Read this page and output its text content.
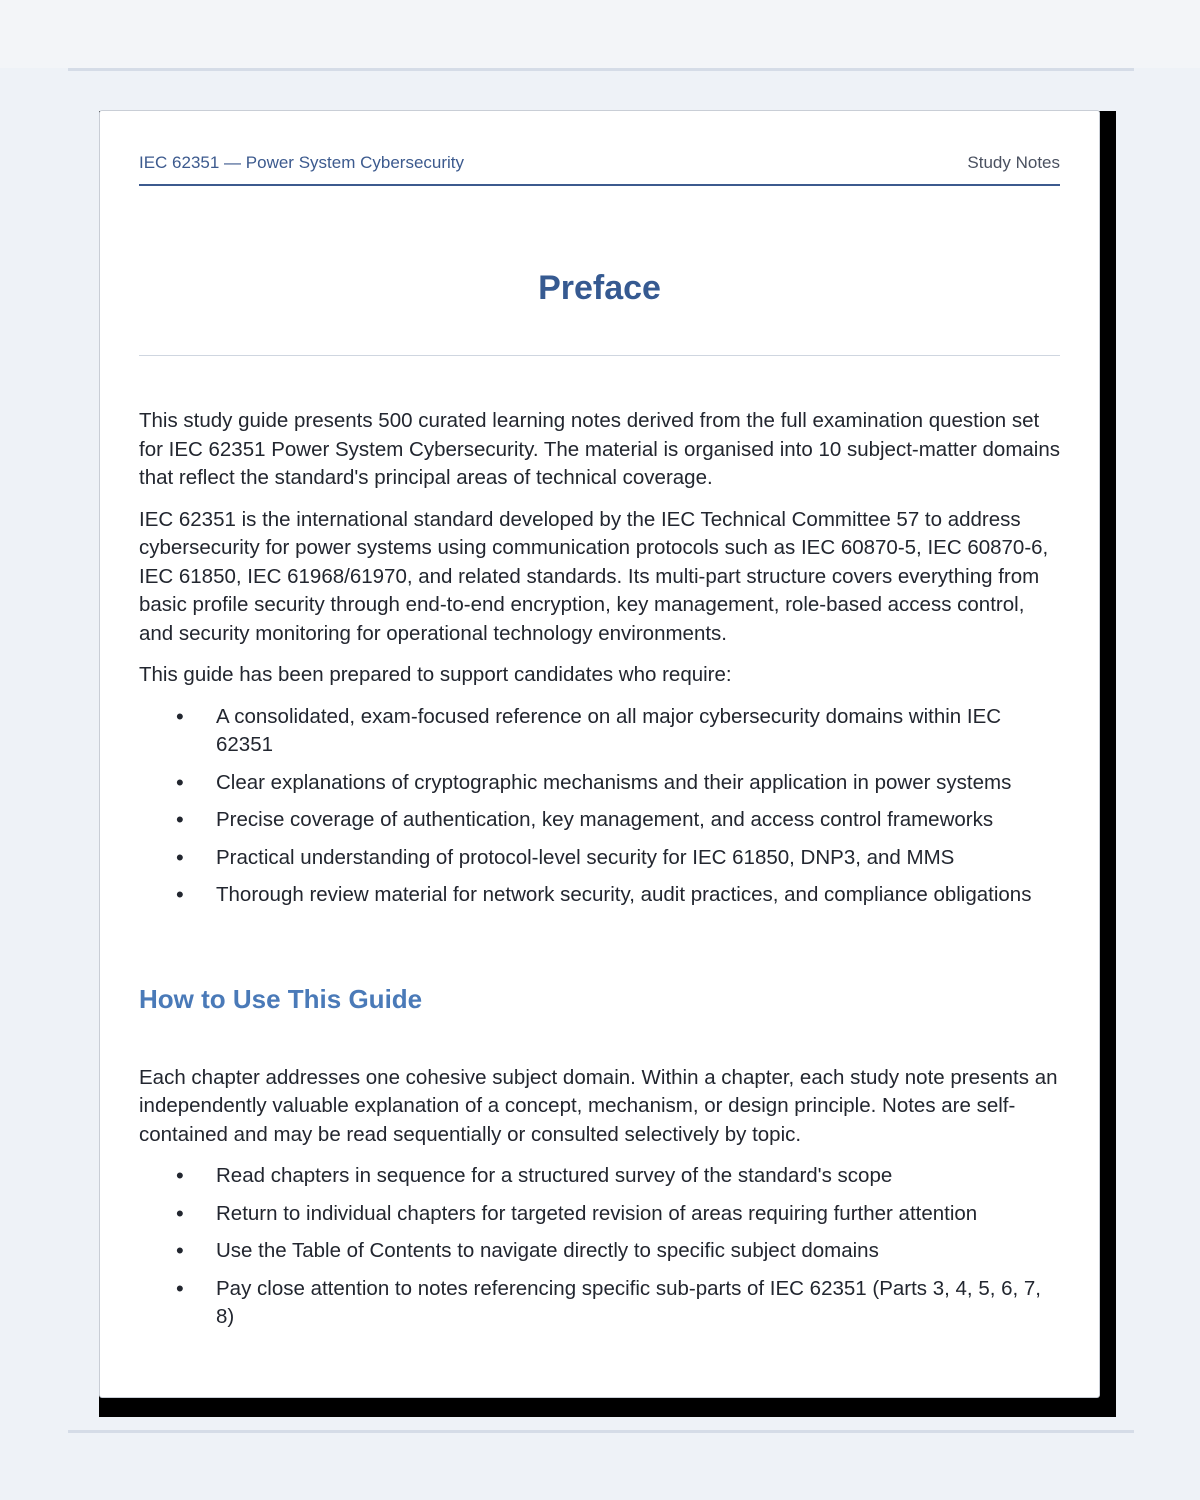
IEC 62351 — Power System Cybersecurity	Study Notes
Preface

This study guide presents 500 curated learning notes derived from the full examination question set for IEC 62351 Power System Cybersecurity. The material is organised into 10 subject-matter domains that reflect the standard's principal areas of technical coverage.

IEC 62351 is the international standard developed by the IEC Technical Committee 57 to address cybersecurity for power systems using communication protocols such as IEC 60870-5, IEC 60870-6, IEC 61850, IEC 61968/61970, and related standards. Its multi-part structure covers everything from basic profile security through end-to-end encryption, key management, role-based access control, and security monitoring for operational technology environments.

This guide has been prepared to support candidates who require:

• A consolidated, exam-focused reference on all major cybersecurity domains within IEC 62351
• Clear explanations of cryptographic mechanisms and their application in power systems
• Precise coverage of authentication, key management, and access control frameworks
• Practical understanding of protocol-level security for IEC 61850, DNP3, and MMS
• Thorough review material for network security, audit practices, and compliance obligations
How to Use This Guide

Each chapter addresses one cohesive subject domain. Within a chapter, each study note presents an independently valuable explanation of a concept, mechanism, or design principle. Notes are self-contained and may be read sequentially or consulted selectively by topic.

• Read chapters in sequence for a structured survey of the standard's scope
• Return to individual chapters for targeted revision of areas requiring further attention
• Use the Table of Contents to navigate directly to specific subject domains
• Pay close attention to notes referencing specific sub-parts of IEC 62351 (Parts 3, 4, 5, 6, 7, 8)
